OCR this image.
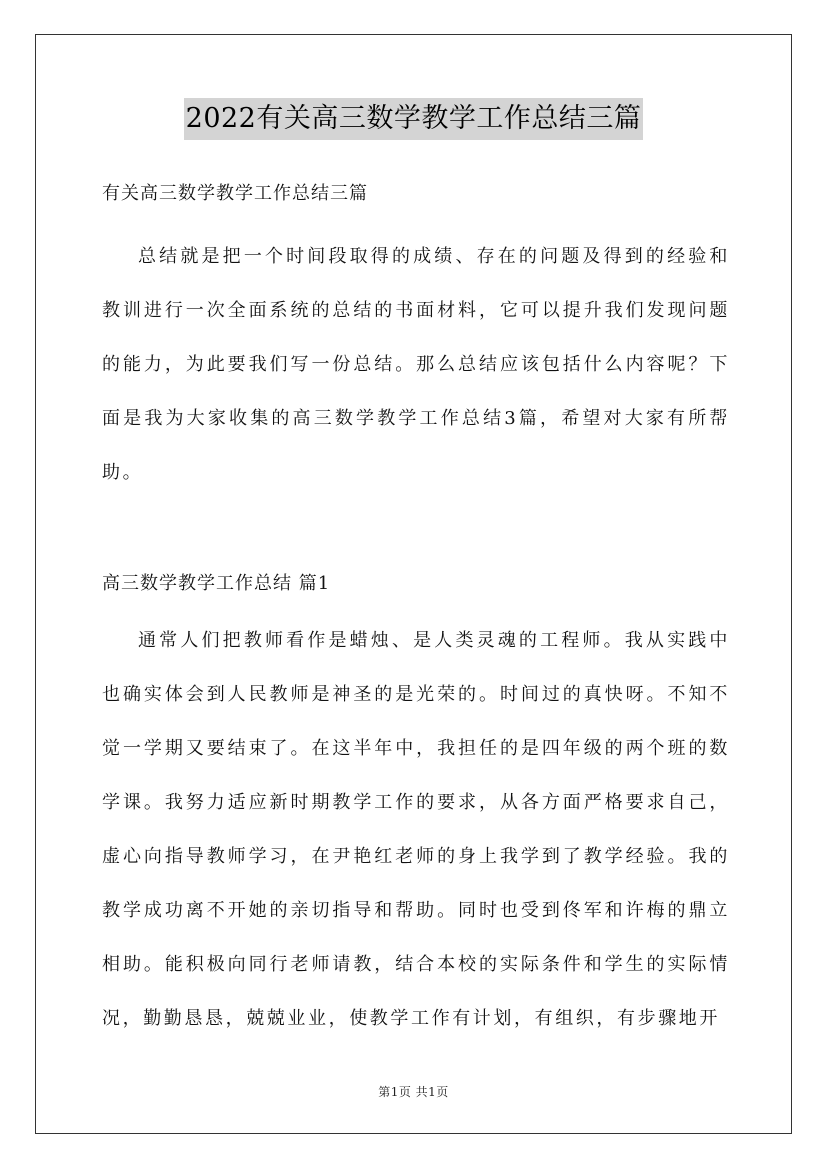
2022有关高三数学教学工作总结三篇

有关高三数学教学工作总结三篇

总结就是把一个时间段取得的成绩、存在的问题及得到的经验和教训进行一次全面系统的总结的书面材料，它可以提升我们发现问题的能力，为此要我们写一份总结。那么总结应该包括什么内容呢？下面是我为大家收集的高三数学教学工作总结3篇，希望对大家有所帮助。

高三数学教学工作总结 篇1

通常人们把教师看作是蜡烛、是人类灵魂的工程师。我从实践中也确实体会到人民教师是神圣的是光荣的。时间过的真快呀。不知不觉一学期又要结束了。在这半年中，我担任的是四年级的两个班的数学课。我努力适应新时期教学工作的要求，从各方面严格要求自己，虚心向指导教师学习，在尹艳红老师的身上我学到了教学经验。我的教学成功离不开她的亲切指导和帮助。同时也受到佟军和许梅的鼎立相助。能积极向同行老师请教，结合本校的实际条件和学生的实际情况，勤勤恳恳，兢兢业业，使教学工作有计划，有组织，有步骤地开

第1页 共1页
